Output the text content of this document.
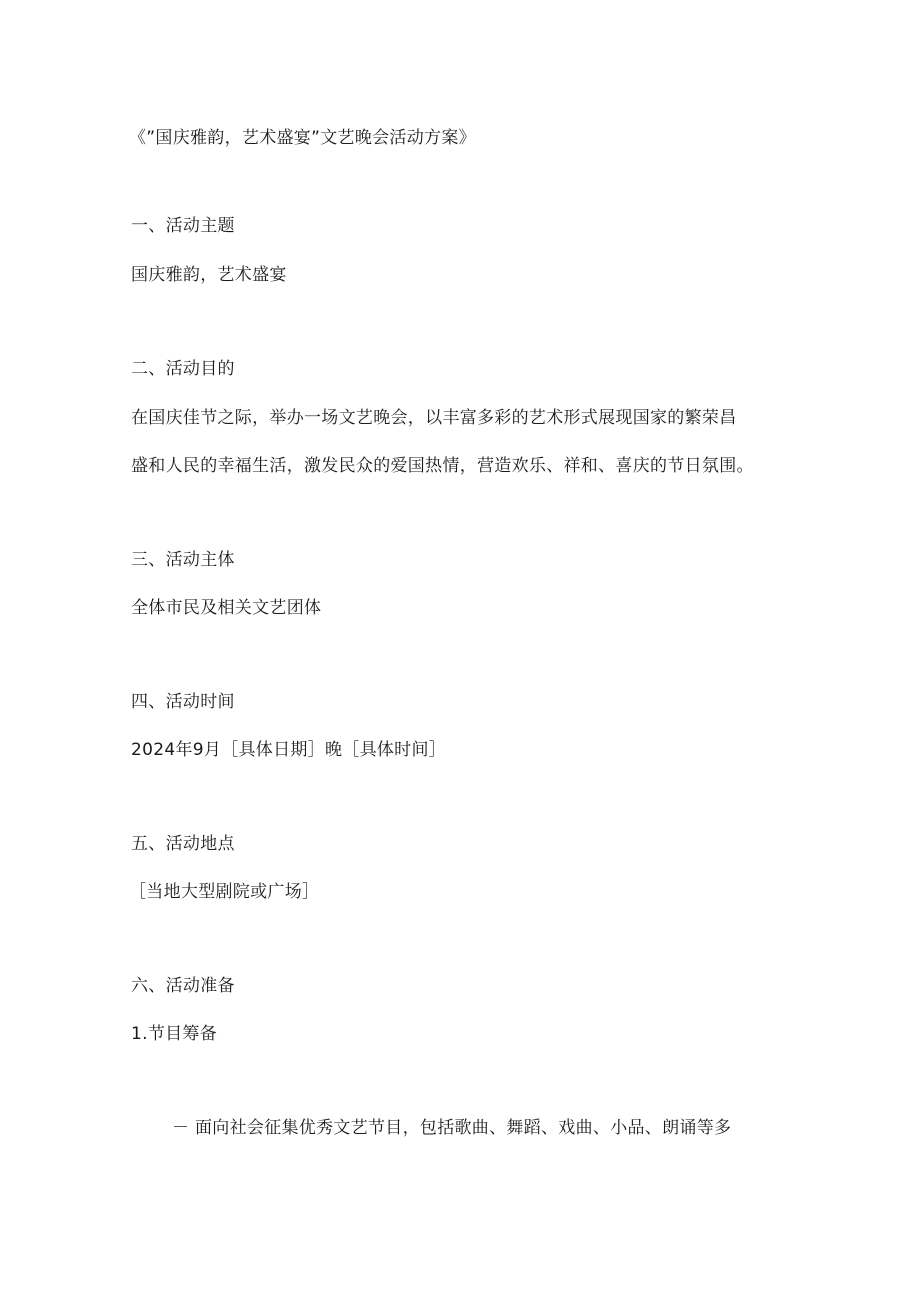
《”国庆雅韵，艺术盛宴”文艺晚会活动方案》
一、活动主题
国庆雅韵，艺术盛宴
二、活动目的
在国庆佳节之际，举办一场文艺晚会，以丰富多彩的艺术形式展现国家的繁荣昌
盛和人民的幸福生活，激发民众的爱国热情，营造欢乐、祥和、喜庆的节日氛围。
三、活动主体
全体市民及相关文艺团体
四、活动时间
2024年9月［具体日期］晚［具体时间］
五、活动地点
［当地大型剧院或广场］
六、活动准备
1.节目筹备
－ 面向社会征集优秀文艺节目，包括歌曲、舞蹈、戏曲、小品、朗诵等多
